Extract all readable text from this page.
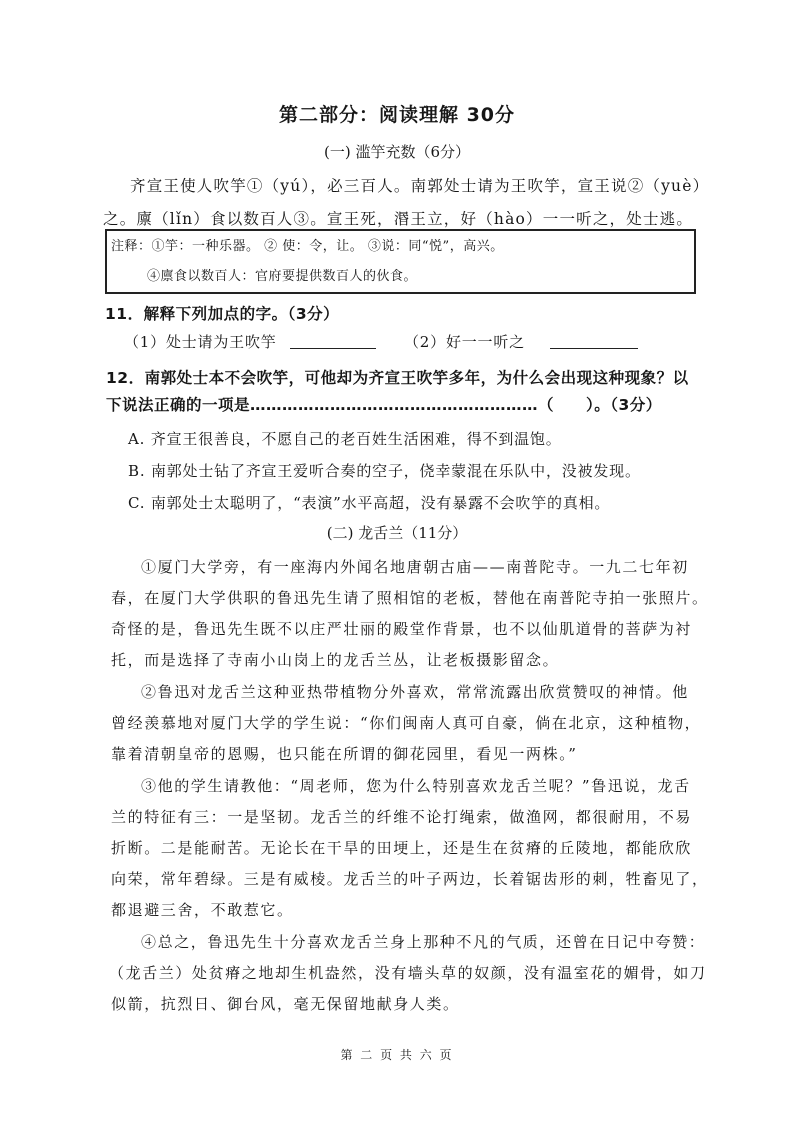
第二部分：阅读理解 30分
(一) 滥竽充数（6分）
齐宣王使人吹竽①（yú），必三百人。南郭处士请为王吹竽，宣王说②（yuè）
之。廪（lǐn）食以数百人③。宣王死，湣王立，好（hào）一一听之，处士逃。
注释：①竽：一种乐器。 ② 使：令，让。 ③说：同“悦”，高兴。
④廪食以数百人：官府要提供数百人的伙食。
11．解释下列加点的字。（3分）
（1）处士请为王吹竽	（2）好一一听之
12．南郭处士本不会吹竽，可他却为齐宣王吹竽多年，为什么会出现这种现象？以
下说法正确的一项是………………………………………………（　　）。（3分）
A. 齐宣王很善良，不愿自己的老百姓生活困难，得不到温饱。
B. 南郭处士钻了齐宣王爱听合奏的空子，侥幸蒙混在乐队中，没被发现。
C. 南郭处士太聪明了，“表演”水平高超，没有暴露不会吹竽的真相。
(二) 龙舌兰（11分）
①厦门大学旁，有一座海内外闻名地唐朝古庙——南普陀寺。一九二七年初
春，在厦门大学供职的鲁迅先生请了照相馆的老板，替他在南普陀寺拍一张照片。
奇怪的是，鲁迅先生既不以庄严壮丽的殿堂作背景，也不以仙肌道骨的菩萨为衬
托，而是选择了寺南小山岗上的龙舌兰丛，让老板摄影留念。
②鲁迅对龙舌兰这种亚热带植物分外喜欢，常常流露出欣赏赞叹的神情。他
曾经羡慕地对厦门大学的学生说：“你们闽南人真可自豪，倘在北京，这种植物，
靠着清朝皇帝的恩赐，也只能在所谓的御花园里，看见一两株。”
③他的学生请教他：“周老师，您为什么特别喜欢龙舌兰呢？”鲁迅说，龙舌
兰的特征有三：一是坚韧。龙舌兰的纤维不论打绳索，做渔网，都很耐用，不易
折断。二是能耐苦。无论长在干旱的田埂上，还是生在贫瘠的丘陵地，都能欣欣
向荣，常年碧绿。三是有威棱。龙舌兰的叶子两边，长着锯齿形的刺，牲畜见了，
都退避三舍，不敢惹它。
④总之，鲁迅先生十分喜欢龙舌兰身上那种不凡的气质，还曾在日记中夸赞：
（龙舌兰）处贫瘠之地却生机盎然，没有墙头草的奴颜，没有温室花的媚骨，如刀
似箭，抗烈日、御台风，毫无保留地献身人类。
第 二 页 共 六 页
